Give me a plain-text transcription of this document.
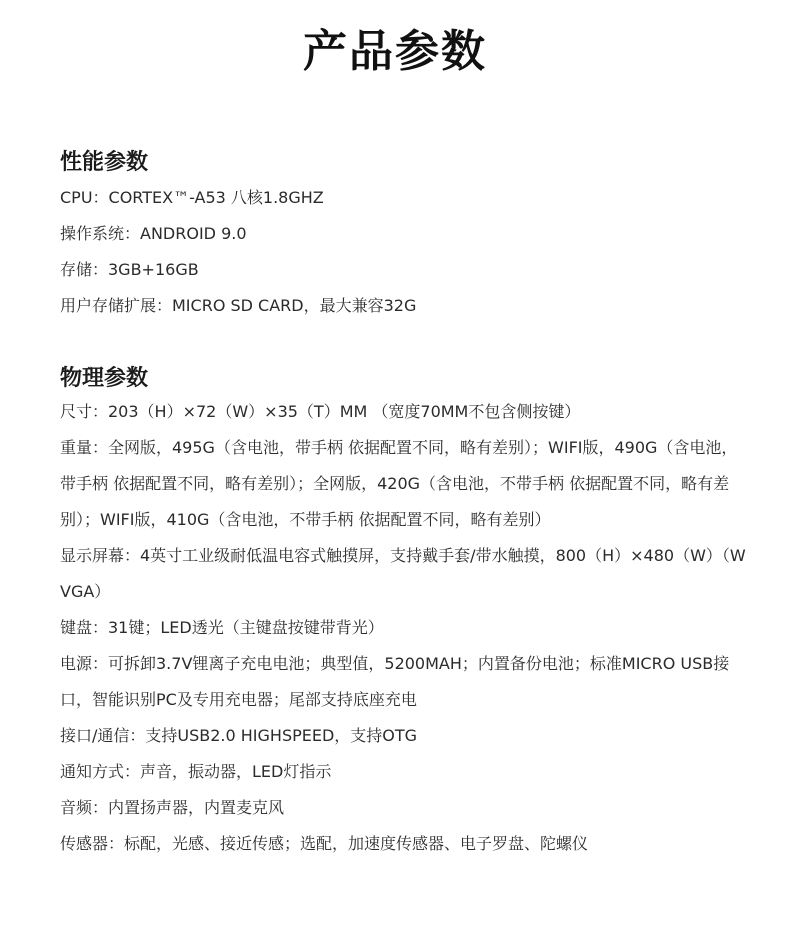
产品参数
性能参数
CPU：CORTEX™-A53 八核1.8GHZ
操作系统：ANDROID 9.0
存储：3GB+16GB
用户存储扩展：MICRO SD CARD，最大兼容32G
物理参数
尺寸：203（H）×72（W）×35（T）MM （宽度70MM不包含侧按键）
重量：全网版，495G（含电池，带手柄 依据配置不同，略有差别）；WIFI版，490G（含电池，带手柄 依据配置不同，略有差别）；全网版，420G（含电池，不带手柄 依据配置不同，略有差别）；WIFI版，410G（含电池，不带手柄 依据配置不同，略有差别）
显示屏幕：4英寸工业级耐低温电容式触摸屏，支持戴手套/带水触摸，800（H）×480（W）（WVGA）
键盘：31键；LED透光（主键盘按键带背光）
电源：可拆卸3.7V锂离子充电电池；典型值，5200MAH；内置备份电池；标准MICRO USB接口，智能识别PC及专用充电器；尾部支持底座充电
接口/通信：支持USB2.0 HIGHSPEED，支持OTG
通知方式：声音，振动器，LED灯指示
音频：内置扬声器，内置麦克风
传感器：标配，光感、接近传感；选配，加速度传感器、电子罗盘、陀螺仪
